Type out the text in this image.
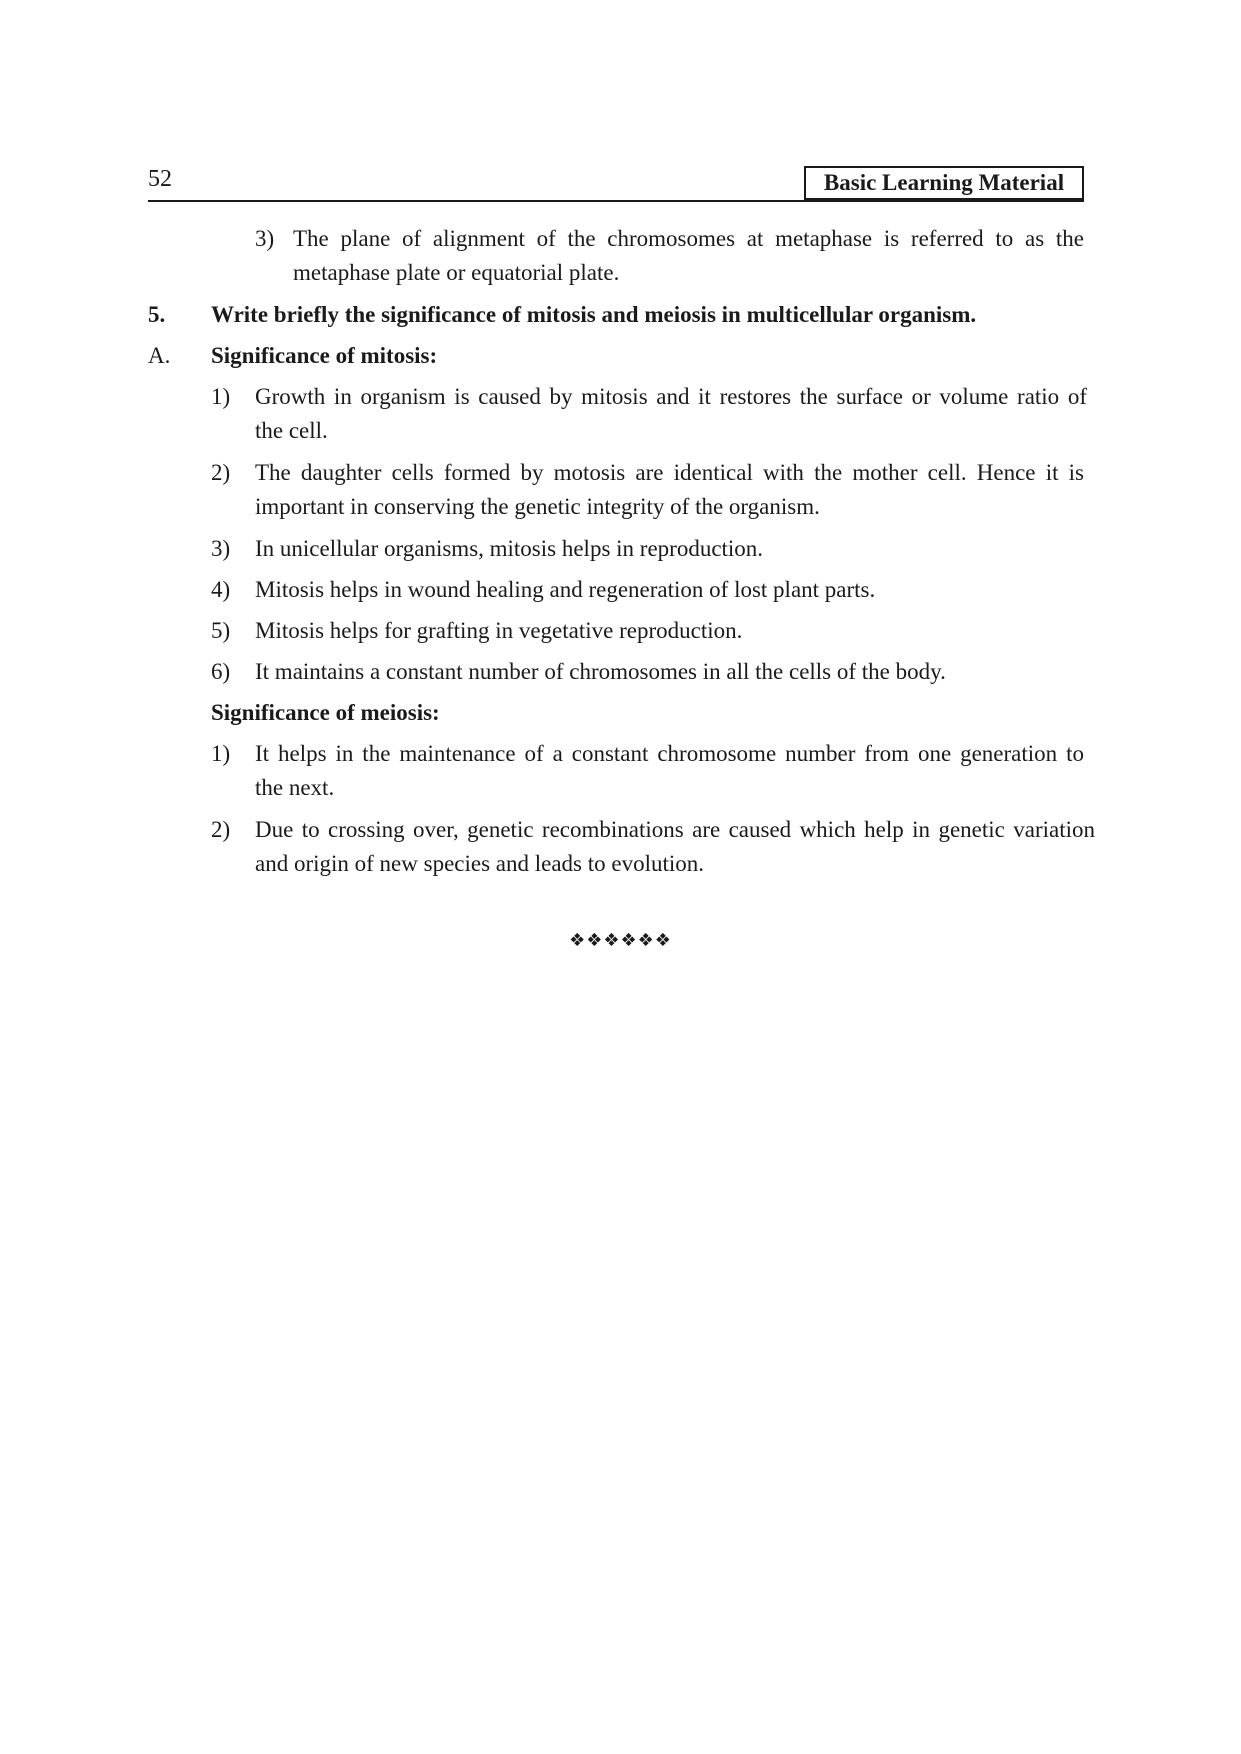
52	Basic Learning Material
3) The plane of alignment of the chromosomes at metaphase is referred to as the
metaphase plate or equatorial plate.
5. Write briefly the significance of mitosis and meiosis in multicellular organism.
A. Significance of mitosis:
1) Growth in organism is caused by mitosis and it restores the surface or volume ratio of
the cell.
2) The daughter cells formed by motosis are identical with the mother cell. Hence it is
important in conserving the genetic integrity of the organism.
3) In unicellular organisms, mitosis helps in reproduction.
4) Mitosis helps in wound healing and regeneration of lost plant parts.
5) Mitosis helps for grafting in vegetative reproduction.
6) It maintains a constant number of chromosomes in all the cells of the body.
Significance of meiosis:
1) It helps in the maintenance of a constant chromosome number from one generation to
the next.
2) Due to crossing over, genetic recombinations are caused which help in genetic variation
and origin of new species and leads to evolution.
❖❖❖❖❖❖
